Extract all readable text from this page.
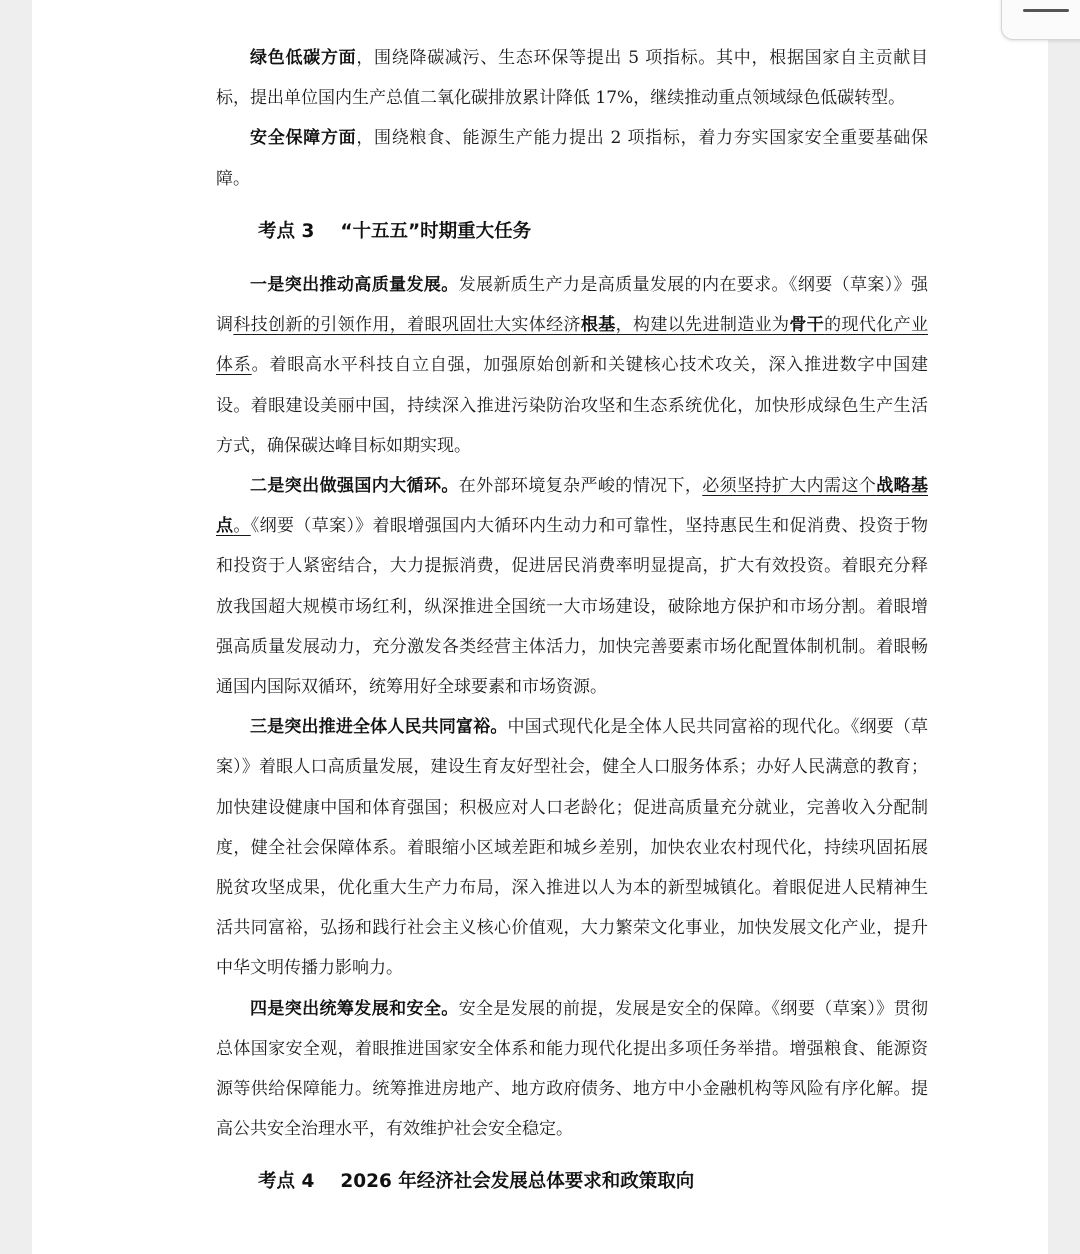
绿色低碳方面，围绕降碳减污、生态环保等提出 5 项指标。其中，根据国家自主贡献目标，提出单位国内生产总值二氧化碳排放累计降低 17%，继续推动重点领域绿色低碳转型。

安全保障方面，围绕粮食、能源生产能力提出 2 项指标，着力夯实国家安全重要基础保障。

考点 3 “十五五”时期重大任务

一是突出推动高质量发展。发展新质生产力是高质量发展的内在要求。《纲要（草案）》强调科技创新的引领作用，着眼巩固壮大实体经济根基，构建以先进制造业为骨干的现代化产业体系。着眼高水平科技自立自强，加强原始创新和关键核心技术攻关，深入推进数字中国建设。着眼建设美丽中国，持续深入推进污染防治攻坚和生态系统优化，加快形成绿色生产生活方式，确保碳达峰目标如期实现。

二是突出做强国内大循环。在外部环境复杂严峻的情况下，必须坚持扩大内需这个战略基点。《纲要（草案）》着眼增强国内大循环内生动力和可靠性，坚持惠民生和促消费、投资于物和投资于人紧密结合，大力提振消费，促进居民消费率明显提高，扩大有效投资。着眼充分释放我国超大规模市场红利，纵深推进全国统一大市场建设，破除地方保护和市场分割。着眼增强高质量发展动力，充分激发各类经营主体活力，加快完善要素市场化配置体制机制。着眼畅通国内国际双循环，统筹用好全球要素和市场资源。

三是突出推进全体人民共同富裕。中国式现代化是全体人民共同富裕的现代化。《纲要（草案）》着眼人口高质量发展，建设生育友好型社会，健全人口服务体系；办好人民满意的教育；加快建设健康中国和体育强国；积极应对人口老龄化；促进高质量充分就业，完善收入分配制度，健全社会保障体系。着眼缩小区域差距和城乡差别，加快农业农村现代化，持续巩固拓展脱贫攻坚成果，优化重大生产力布局，深入推进以人为本的新型城镇化。着眼促进人民精神生活共同富裕，弘扬和践行社会主义核心价值观，大力繁荣文化事业，加快发展文化产业，提升中华文明传播力影响力。

四是突出统筹发展和安全。安全是发展的前提，发展是安全的保障。《纲要（草案）》贯彻总体国家安全观，着眼推进国家安全体系和能力现代化提出多项任务举措。增强粮食、能源资源等供给保障能力。统筹推进房地产、地方政府债务、地方中小金融机构等风险有序化解。提高公共安全治理水平，有效维护社会安全稳定。

考点 4 2026 年经济社会发展总体要求和政策取向
